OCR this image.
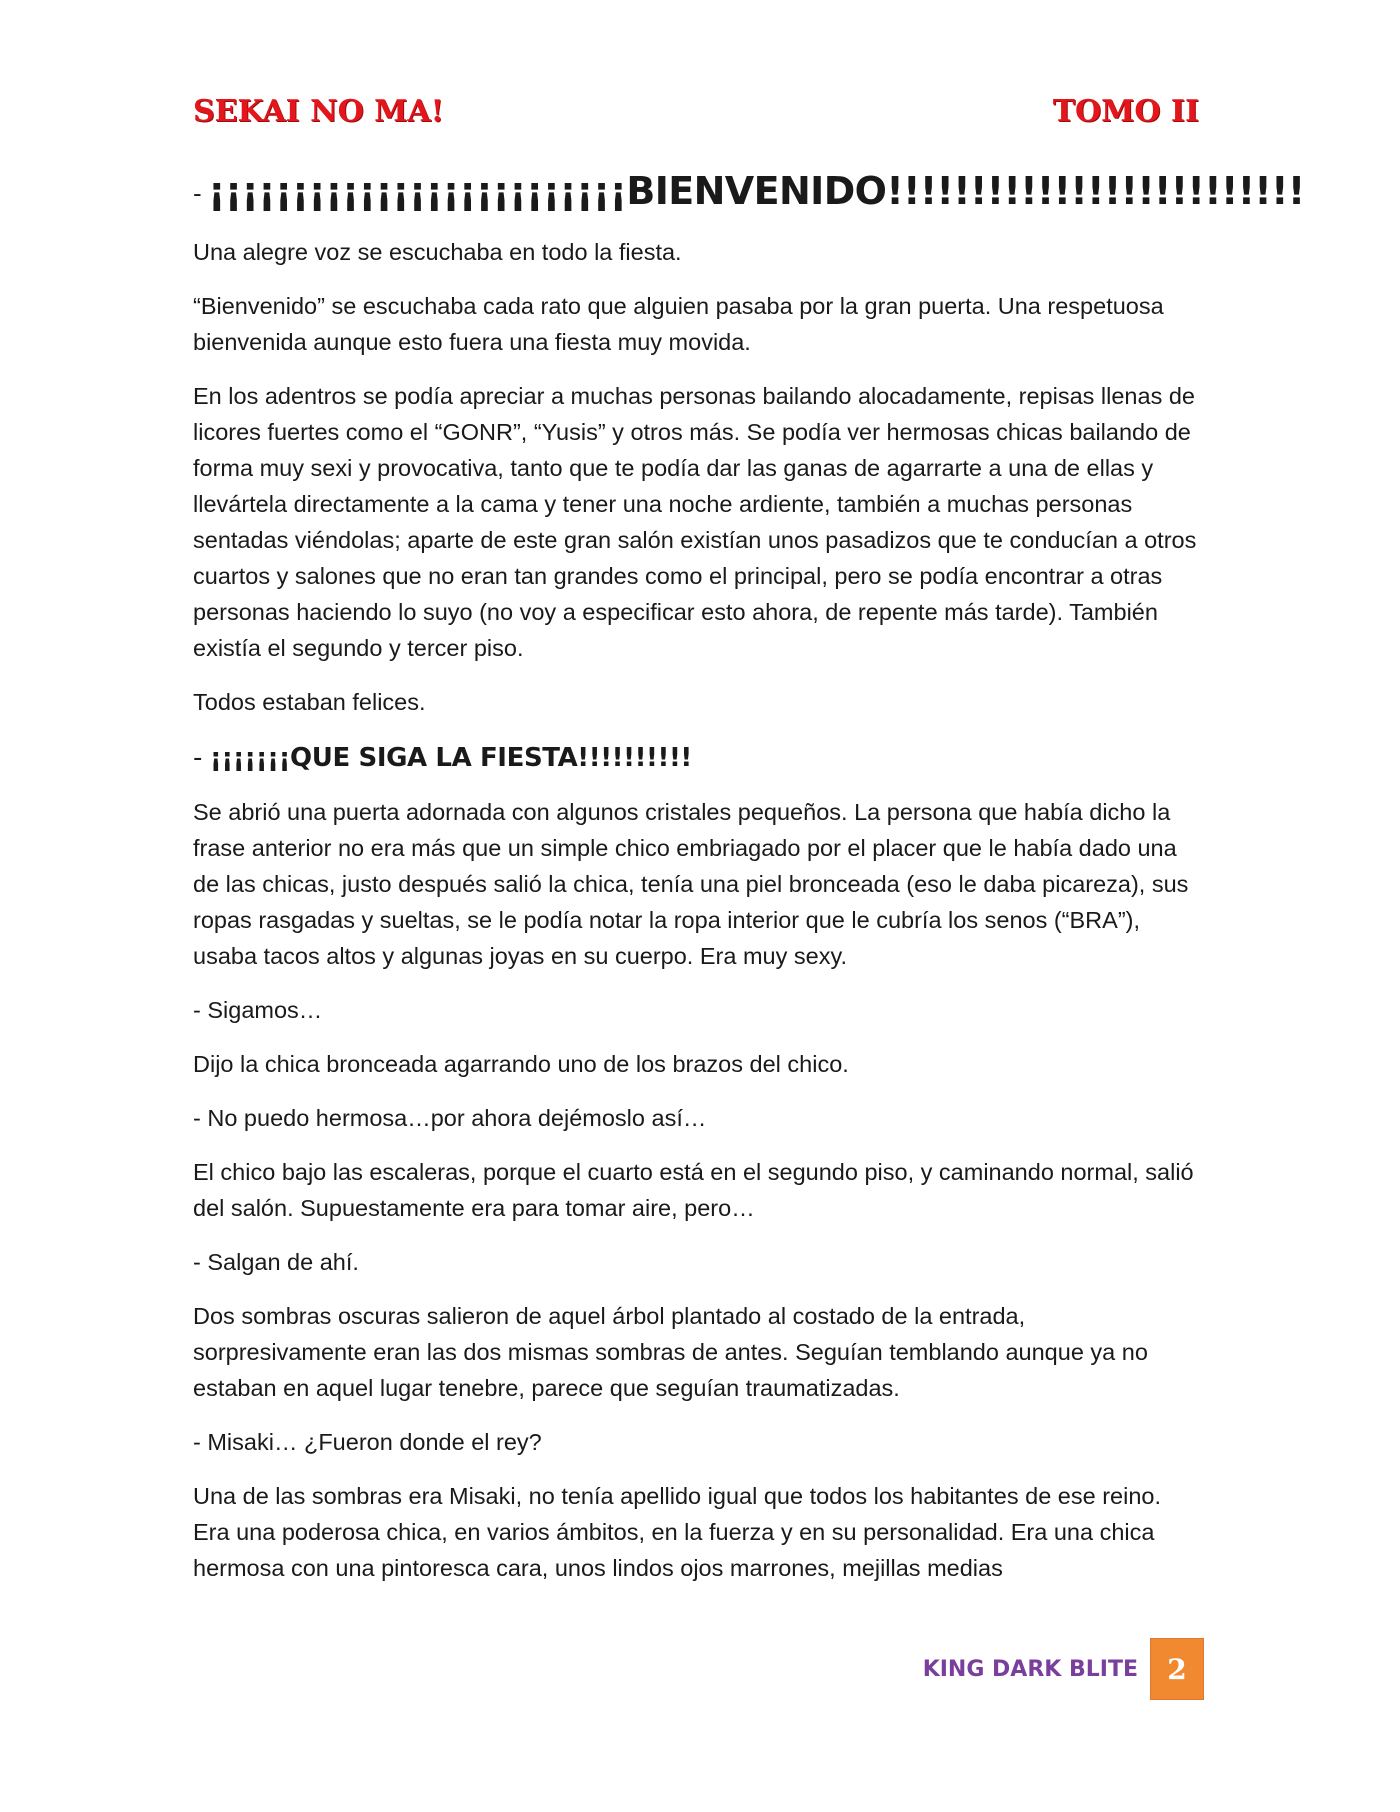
SEKAI NO MA!	TOMO II
- ¡¡¡¡¡¡¡¡¡¡¡¡¡¡¡¡¡¡¡¡¡¡¡¡¡BIENVENIDO!!!!!!!!!!!!!!!!!!!!!!!!!

Una alegre voz se escuchaba en todo la fiesta.

“Bienvenido” se escuchaba cada rato que alguien pasaba por la gran puerta. Una respetuosa bienvenida aunque esto fuera una fiesta muy movida.

En los adentros se podía apreciar a muchas personas bailando alocadamente, repisas llenas de licores fuertes como el “GONR”, “Yusis” y otros más. Se podía ver hermosas chicas bailando de forma muy sexi y provocativa, tanto que te podía dar las ganas de agarrarte a una de ellas y llevártela directamente a la cama y tener una noche ardiente, también a muchas personas sentadas viéndolas; aparte de este gran salón existían unos pasadizos que te conducían a otros cuartos y salones que no eran tan grandes como el principal, pero se podía encontrar a otras personas haciendo lo suyo (no voy a especificar esto ahora, de repente más tarde). También existía el segundo y tercer piso.

Todos estaban felices.

- ¡¡¡¡¡¡¡QUE SIGA LA FIESTA!!!!!!!!!!

Se abrió una puerta adornada con algunos cristales pequeños. La persona que había dicho la frase anterior no era más que un simple chico embriagado por el placer que le había dado una de las chicas, justo después salió la chica, tenía una piel bronceada (eso le daba picareza), sus ropas rasgadas y sueltas, se le podía notar la ropa interior que le cubría los senos (“BRA”), usaba tacos altos y algunas joyas en su cuerpo. Era muy sexy.

- Sigamos…

Dijo la chica bronceada agarrando uno de los brazos del chico.

- No puedo hermosa…por ahora dejémoslo así…

El chico bajo las escaleras, porque el cuarto está en el segundo piso, y caminando normal, salió del salón. Supuestamente era para tomar aire, pero…

- Salgan de ahí.

Dos sombras oscuras salieron de aquel árbol plantado al costado de la entrada, sorpresivamente eran las dos mismas sombras de antes. Seguían temblando aunque ya no estaban en aquel lugar tenebre, parece que seguían traumatizadas.

- Misaki… ¿Fueron donde el rey?

Una de las sombras era Misaki, no tenía apellido igual que todos los habitantes de ese reino. Era una poderosa chica, en varios ámbitos, en la fuerza y en su personalidad. Era una chica hermosa con una pintoresca cara, unos lindos ojos marrones, mejillas medias

KING DARK BLITE 2
